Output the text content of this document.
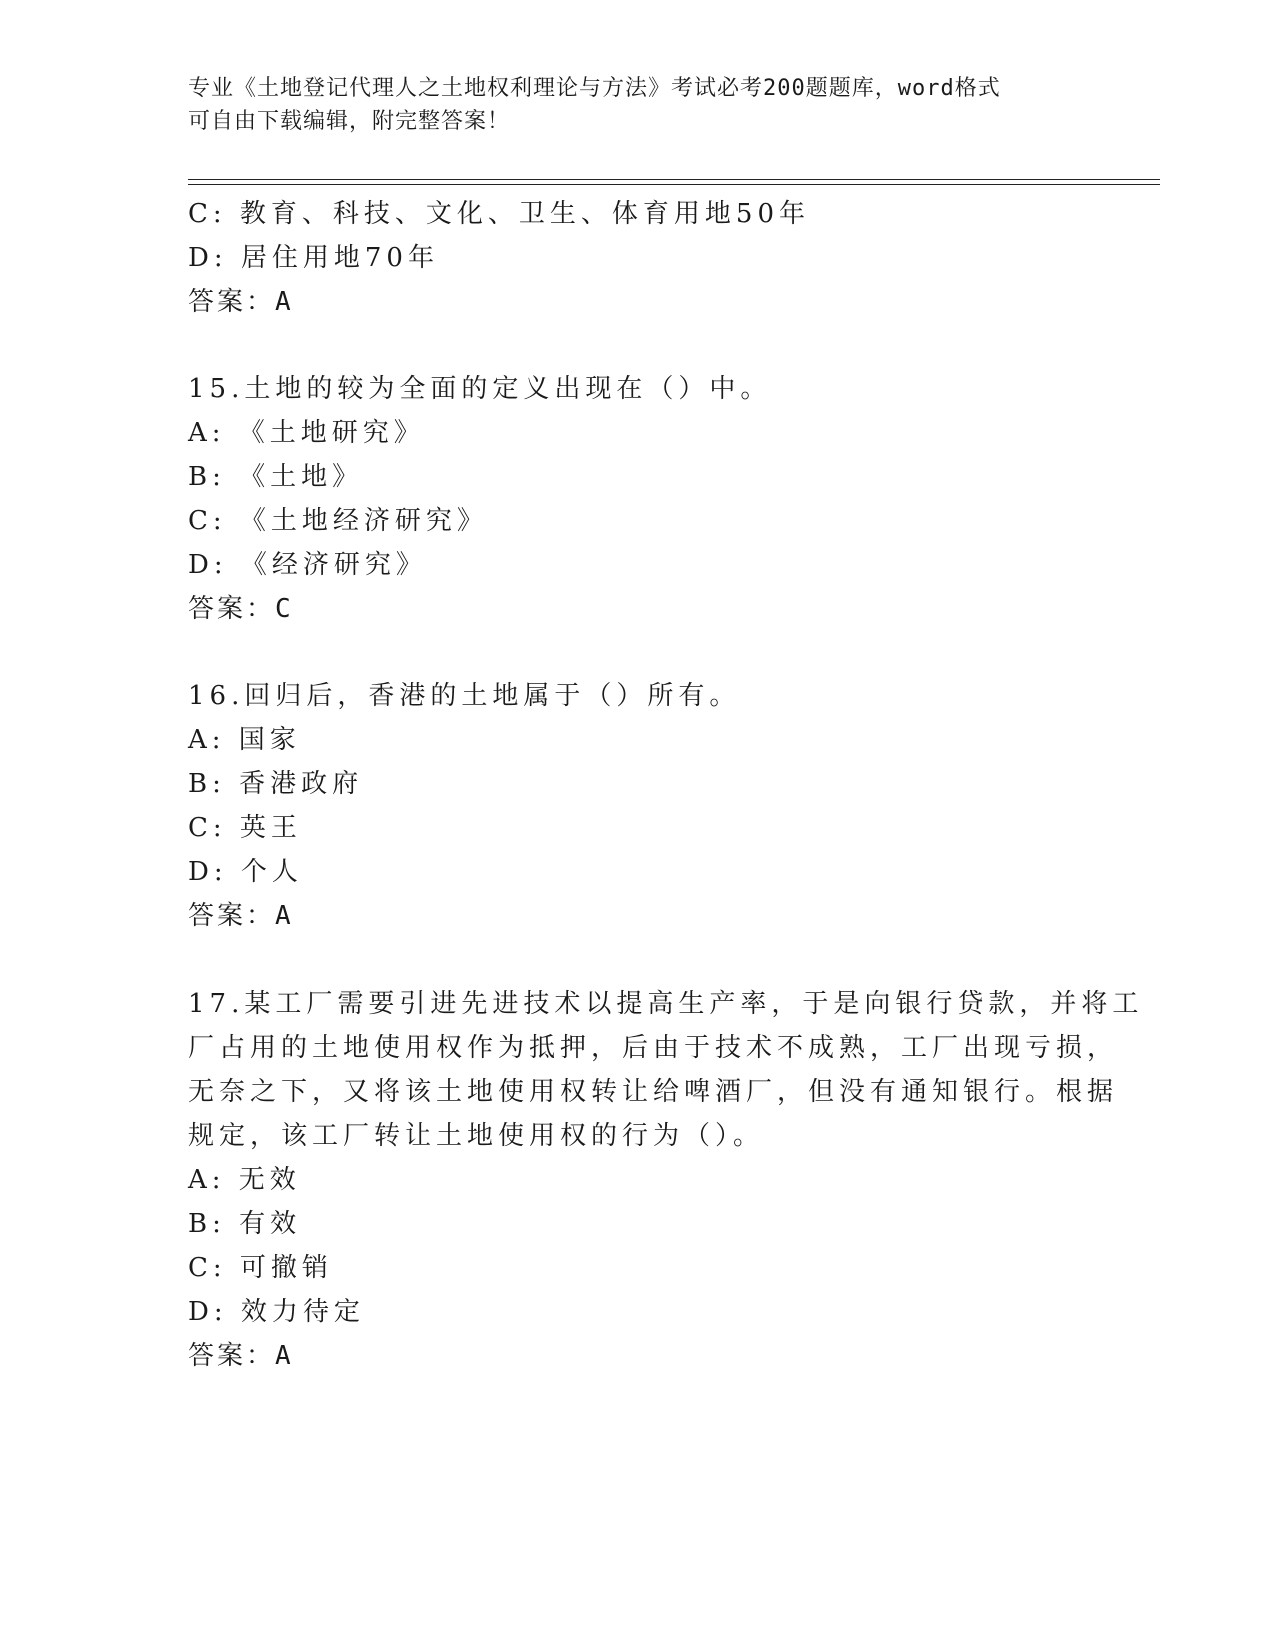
专业《土地登记代理人之土地权利理论与方法》考试必考200题题库，word格式
可自由下载编辑，附完整答案！
C: 教育、科技、文化、卫生、体育用地50年
D: 居住用地70年
答案：A
15.土地的较为全面的定义出现在（）中。
A: 《土地研究》
B: 《土地》
C: 《土地经济研究》
D: 《经济研究》
答案：C
16.回归后，香港的土地属于（）所有。
A: 国家
B: 香港政府
C: 英王
D: 个人
答案：A
17.某工厂需要引进先进技术以提高生产率，于是向银行贷款，并将工
厂占用的土地使用权作为抵押，后由于技术不成熟，工厂出现亏损，
无奈之下，又将该土地使用权转让给啤酒厂，但没有通知银行。根据
规定，该工厂转让土地使用权的行为（）。
A: 无效
B: 有效
C: 可撤销
D: 效力待定
答案：A
